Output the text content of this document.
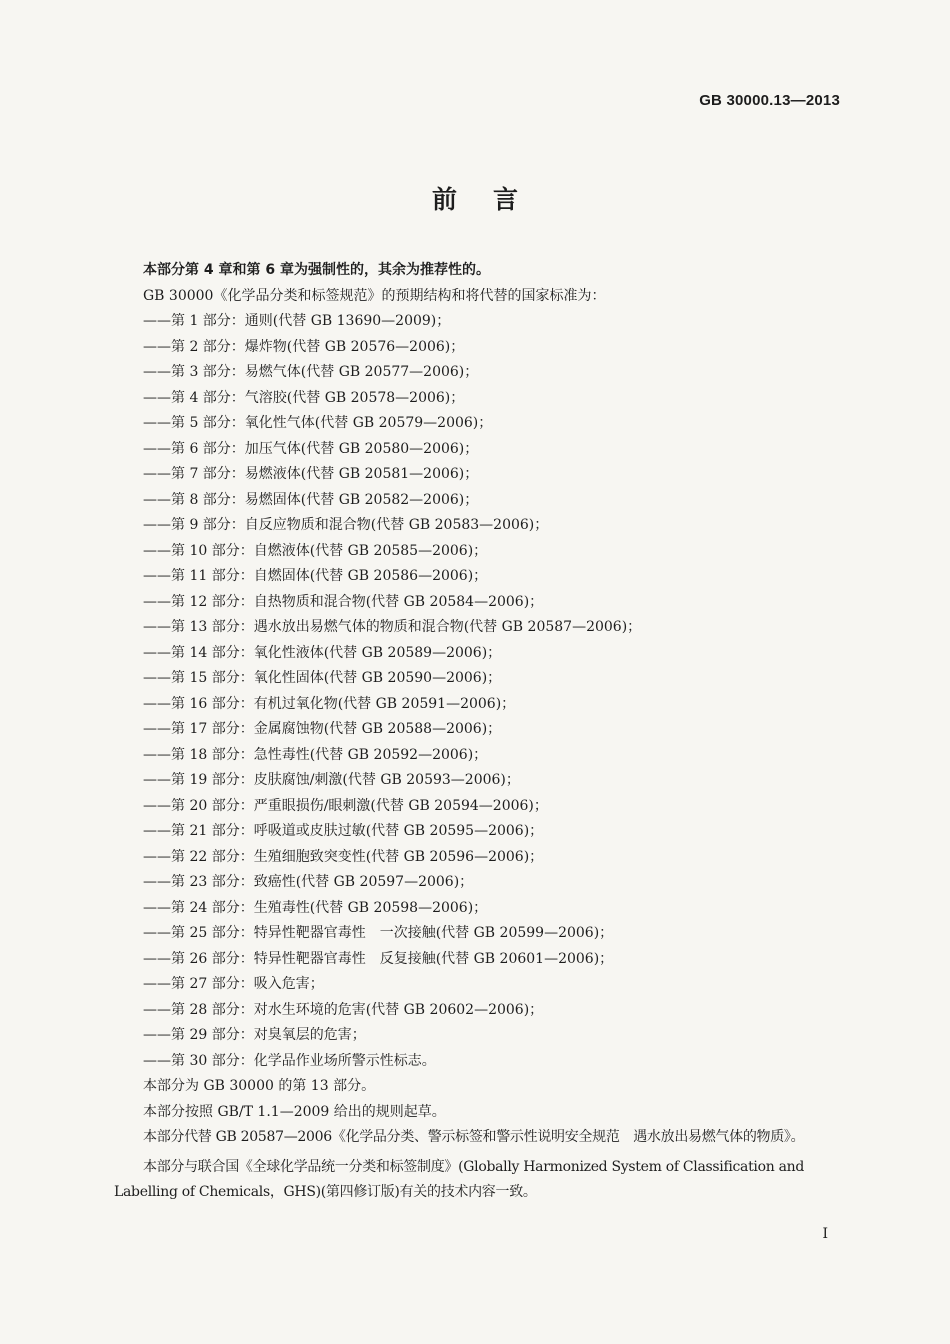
GB 30000.13—2013
前言
本部分第 4 章和第 6 章为强制性的，其余为推荐性的。
GB 30000《化学品分类和标签规范》的预期结构和将代替的国家标准为：
——第 1 部分：通则(代替 GB 13690—2009)；
——第 2 部分：爆炸物(代替 GB 20576—2006)；
——第 3 部分：易燃气体(代替 GB 20577—2006)；
——第 4 部分：气溶胶(代替 GB 20578—2006)；
——第 5 部分：氧化性气体(代替 GB 20579—2006)；
——第 6 部分：加压气体(代替 GB 20580—2006)；
——第 7 部分：易燃液体(代替 GB 20581—2006)；
——第 8 部分：易燃固体(代替 GB 20582—2006)；
——第 9 部分：自反应物质和混合物(代替 GB 20583—2006)；
——第 10 部分：自燃液体(代替 GB 20585—2006)；
——第 11 部分：自燃固体(代替 GB 20586—2006)；
——第 12 部分：自热物质和混合物(代替 GB 20584—2006)；
——第 13 部分：遇水放出易燃气体的物质和混合物(代替 GB 20587—2006)；
——第 14 部分：氧化性液体(代替 GB 20589—2006)；
——第 15 部分：氧化性固体(代替 GB 20590—2006)；
——第 16 部分：有机过氧化物(代替 GB 20591—2006)；
——第 17 部分：金属腐蚀物(代替 GB 20588—2006)；
——第 18 部分：急性毒性(代替 GB 20592—2006)；
——第 19 部分：皮肤腐蚀/刺激(代替 GB 20593—2006)；
——第 20 部分：严重眼损伤/眼刺激(代替 GB 20594—2006)；
——第 21 部分：呼吸道或皮肤过敏(代替 GB 20595—2006)；
——第 22 部分：生殖细胞致突变性(代替 GB 20596—2006)；
——第 23 部分：致癌性(代替 GB 20597—2006)；
——第 24 部分：生殖毒性(代替 GB 20598—2006)；
——第 25 部分：特异性靶器官毒性　一次接触(代替 GB 20599—2006)；
——第 26 部分：特异性靶器官毒性　反复接触(代替 GB 20601—2006)；
——第 27 部分：吸入危害；
——第 28 部分：对水生环境的危害(代替 GB 20602—2006)；
——第 29 部分：对臭氧层的危害；
——第 30 部分：化学品作业场所警示性标志。
本部分为 GB 30000 的第 13 部分。
本部分按照 GB/T 1.1—2009 给出的规则起草。
本部分代替 GB 20587—2006《化学品分类、警示标签和警示性说明安全规范　遇水放出易燃气体的物质》。
本部分与联合国《全球化学品统一分类和标签制度》(Globally Harmonized System of Classification and Labelling of Chemicals，GHS)(第四修订版)有关的技术内容一致。
I
